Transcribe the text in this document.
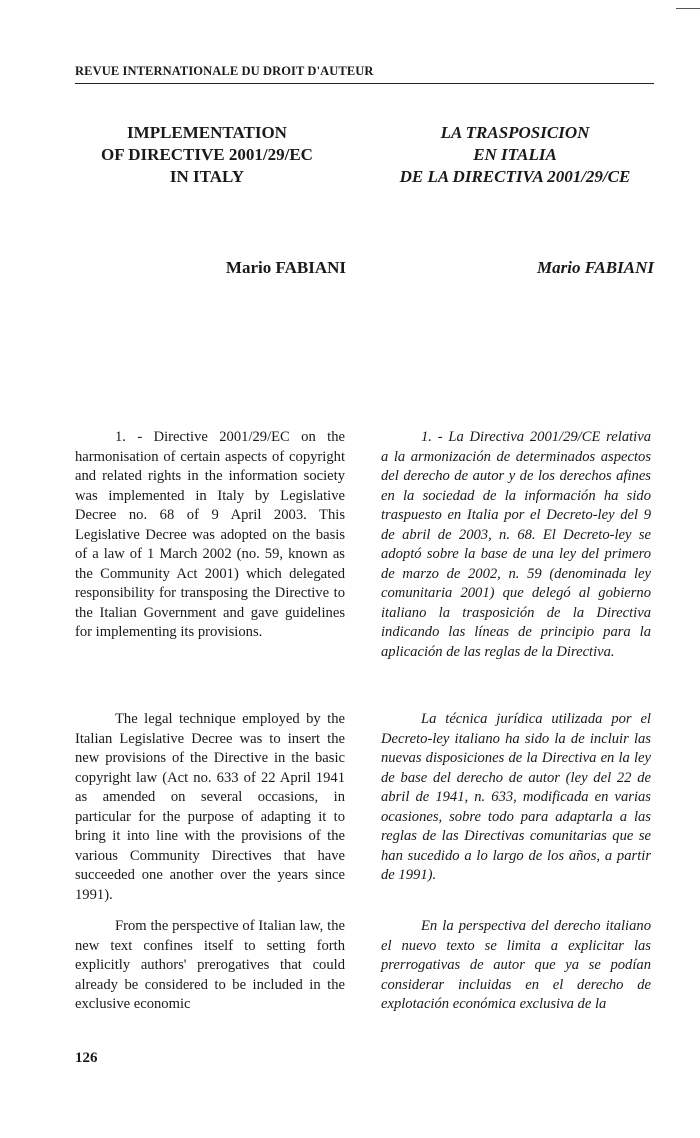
REVUE INTERNATIONALE DU DROIT D'AUTEUR
IMPLEMENTATION
OF DIRECTIVE 2001/29/EC
IN ITALY
LA TRASPOSICION
EN ITALIA
DE LA DIRECTIVA 2001/29/CE
Mario FABIANI	Mario FABIANI

1. - Directive 2001/29/EC on the harmonisation of certain aspects of copyright and related rights in the information society was implemented in Italy by Legislative Decree no. 68 of 9 April 2003. This Legislative Decree was adopted on the basis of a law of 1 March 2002 (no. 59, known as the Community Act 2001) which delegated responsibility for transposing the Directive to the Italian Government and gave guidelines for implementing its provisions.

The legal technique employed by the Italian Legislative Decree was to insert the new provisions of the Directive in the basic copyright law (Act no. 633 of 22 April 1941 as amended on several occasions, in particular for the purpose of adapting it to bring it into line with the provisions of the various Community Directives that have succeeded one another over the years since 1991).

From the perspective of Italian law, the new text confines itself to setting forth explicitly authors' prerogatives that could already be considered to be included in the exclusive economic

1. - La Directiva 2001/29/CE relativa a la armonización de determinados aspectos del derecho de autor y de los derechos afines en la sociedad de la información ha sido traspuesto en Italia por el Decreto-ley del 9 de abril de 2003, n. 68. El Decreto-ley se adoptó sobre la base de una ley del primero de marzo de 2002, n. 59 (denominada ley comunitaria 2001) que delegó al gobierno italiano la trasposición de la Directiva indicando las líneas de principio para la aplicación de las reglas de la Directiva.

La técnica jurídica utilizada por el Decreto-ley italiano ha sido la de incluir las nuevas disposiciones de la Directiva en la ley de base del derecho de autor (ley del 22 de abril de 1941, n. 633, modificada en varias ocasiones, sobre todo para adaptarla a las reglas de las Directivas comunitarias que se han sucedido a lo largo de los años, a partir de 1991).

En la perspectiva del derecho italiano el nuevo texto se limita a explicitar las prerrogativas de autor que ya se podían considerar incluidas en el derecho de explotación económica exclusiva de la

126
